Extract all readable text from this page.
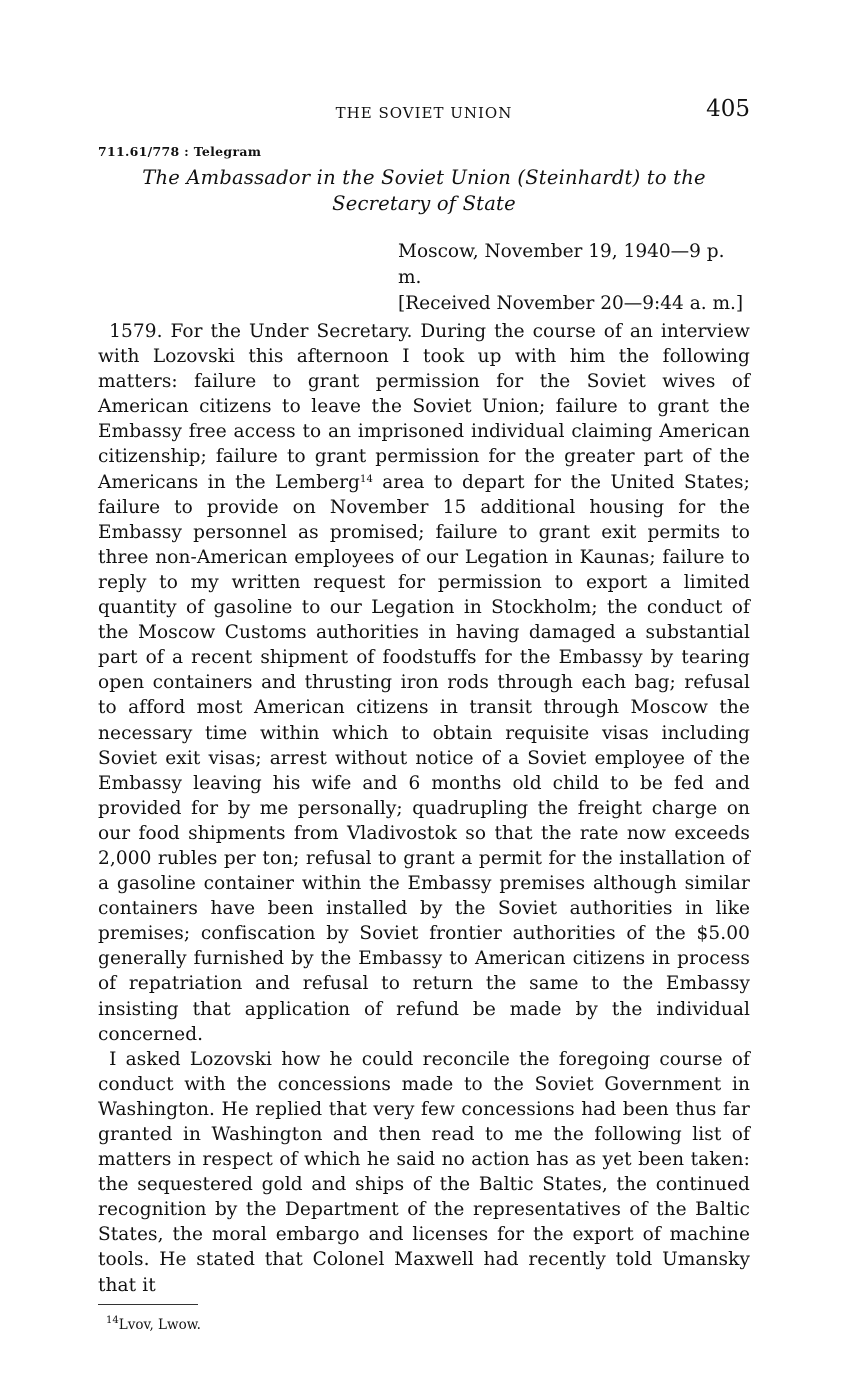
THE SOVIET UNION	405
711.61/778 : Telegram
The Ambassador in the Soviet Union (Steinhardt) to the Secretary of State
Moscow, November 19, 1940—9 p. m.
[Received November 20—9:44 a. m.]

1579. For the Under Secretary. During the course of an interview with Lozovski this afternoon I took up with him the following matters: failure to grant permission for the Soviet wives of American citizens to leave the Soviet Union; failure to grant the Embassy free access to an imprisoned individual claiming American citizenship; failure to grant permission for the greater part of the Americans in the Lemberg$^{14}$ area to depart for the United States; failure to provide on November 15 additional housing for the Embassy personnel as promised; failure to grant exit permits to three non-American employees of our Legation in Kaunas; failure to reply to my written request for permission to export a limited quantity of gasoline to our Legation in Stockholm; the conduct of the Moscow Customs authorities in having damaged a substantial part of a recent shipment of foodstuffs for the Embassy by tearing open containers and thrusting iron rods through each bag; refusal to afford most American citizens in transit through Moscow the necessary time within which to obtain requisite visas including Soviet exit visas; arrest without notice of a Soviet employee of the Embassy leaving his wife and 6 months old child to be fed and provided for by me personally; quadrupling the freight charge on our food shipments from Vladivostok so that the rate now exceeds 2,000 rubles per ton; refusal to grant a permit for the installation of a gasoline container within the Embassy premises although similar containers have been installed by the Soviet authorities in like premises; confiscation by Soviet frontier authorities of the $5.00 generally furnished by the Embassy to American citizens in process of repatriation and refusal to return the same to the Embassy insisting that application of refund be made by the individual concerned.

I asked Lozovski how he could reconcile the foregoing course of conduct with the concessions made to the Soviet Government in Washington. He replied that very few concessions had been thus far granted in Washington and then read to me the following list of matters in respect of which he said no action has as yet been taken: the sequestered gold and ships of the Baltic States, the continued recognition by the Department of the representatives of the Baltic States, the moral embargo and licenses for the export of machine tools. He stated that Colonel Maxwell had recently told Umansky that it

$^{14}$Lvov, Lwow.
